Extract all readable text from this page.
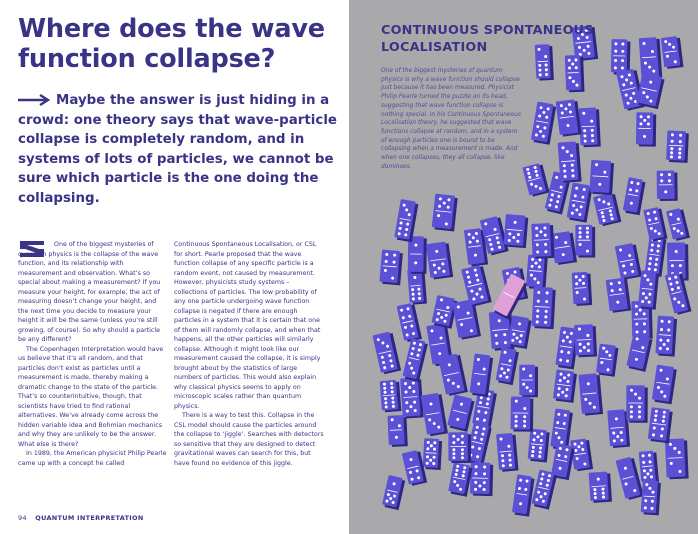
Where does the wave function collapse?
Maybe the answer is just hiding in a crowd: one theory says that wave-particle collapse is completely random, and in systems of lots of particles, we cannot be sure which particle is the one doing the collapsing.

One of the biggest mysteries of quantum physics is the collapse of the wave function, and its relationship with measurement and observation. What’s so special about making a measurement? If you measure your height, for example, the act of measuring doesn’t change your height, and the next time you decide to measure your height it will be the same (unless you’re still growing, of course). So why should a particle be any different?

The Copenhagen Interpretation would have us believe that it’s all random, and that particles don’t exist as particles until a measurement is made, thereby making a dramatic change to the state of the particle. That’s so counterintuitive, though, that scientists have tried to find rational alternatives. We’ve already come across the hidden variable idea and Bohmian mechanics and why they are unlikely to be the answer. What else is there?

In 1989, the American physicist Philip Pearle came up with a concept he called

Continuous Spontaneous Localisation, or CSL for short. Pearle proposed that the wave function collapse of any specific particle is a random event, not caused by measurement. However, physicists study systems – collections of particles. The low probability of any one particle undergoing wave function collapse is negated if there are enough particles in a system that it is certain that one of them will randomly collapse, and when that happens, all the other particles will similarly collapse. Although it might look like our measurement caused the collapse, it is simply brought about by the statistics of large numbers of particles. This would also explain why classical physics seems to apply on microscopic scales rather than quantum physics.

There is a way to test this. Collapse in the CSL model should cause the particles around the collapse to ‘jiggle’. Searches with detectors so sensitive that they are designed to detect gravitational waves can search for this, but have found no evidence of this jiggle.

94 QUANTUM INTERPRETATION
CONTINUOUS SPONTANEOUS LOCALISATION
One of the biggest mysteries of quantum physics is why a wave function should collapse just because it has been measured. Physicist Philip Pearle turned the puzzle on its head, suggesting that wave function collapse is nothing special. In his Continuous Spontaneous Localisation theory, he suggested that wave functions collapse at random, and in a system of enough particles one is bound to be collapsing when a measurement is made. And when one collapses, they all collapse, like dominoes.
